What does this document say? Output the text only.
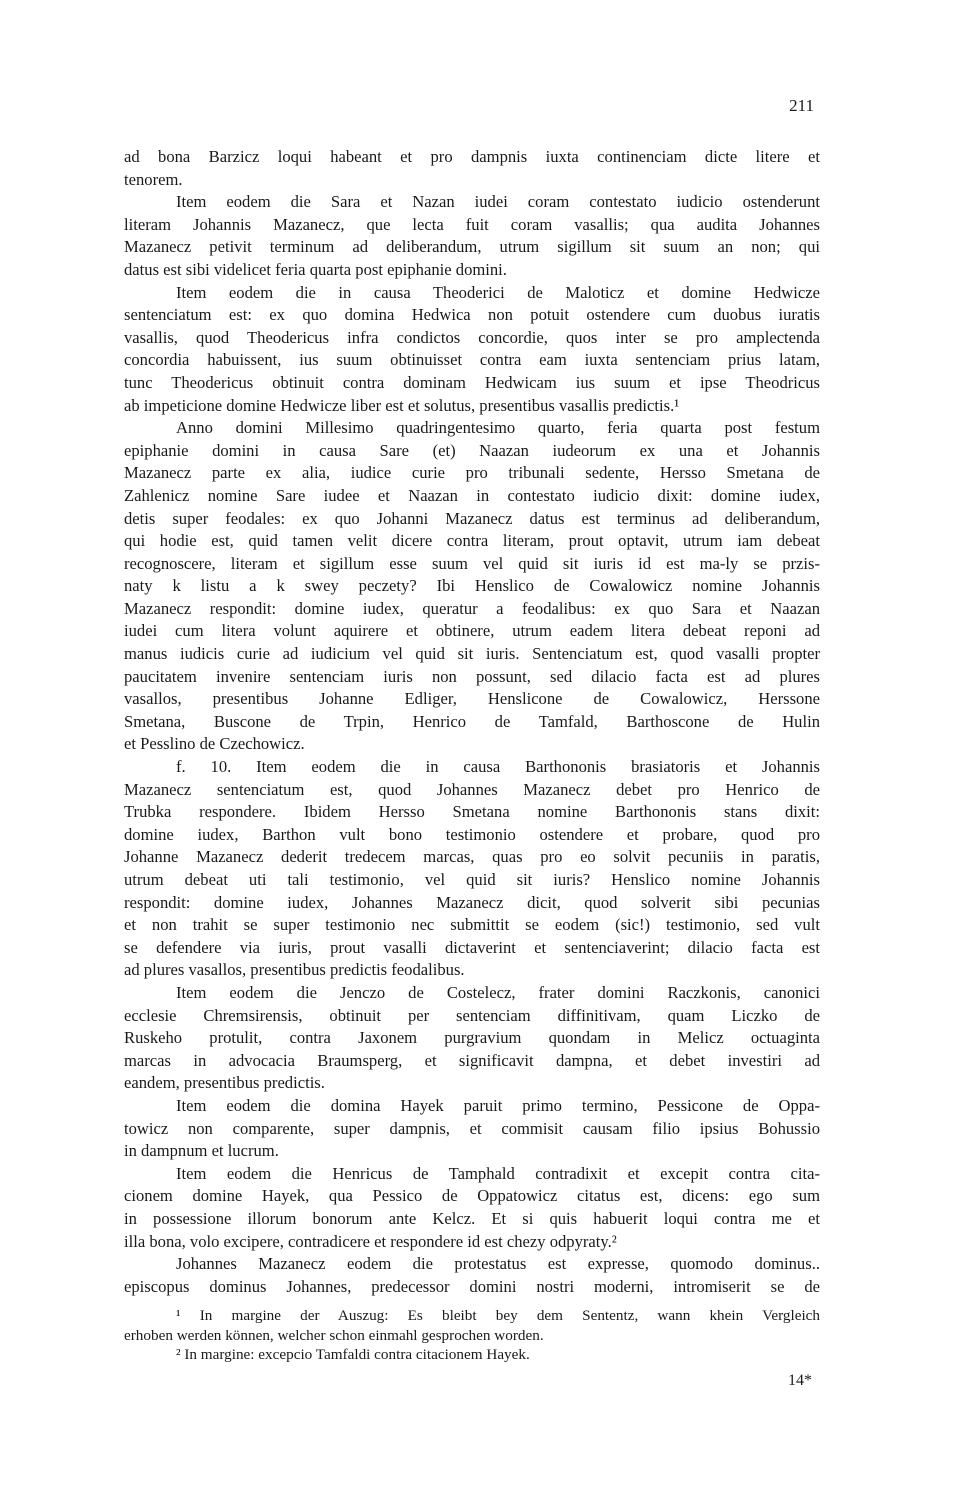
211
ad bona Barzicz loqui habeant et pro dampnis iuxta continenciam dicte litere et
tenorem.
Item eodem die Sara et Nazan iudei coram contestato iudicio ostenderunt
literam Johannis Mazanecz, que lecta fuit coram vasallis; qua audita Johannes
Mazanecz petivit terminum ad deliberandum, utrum sigillum sit suum an non; qui
datus est sibi videlicet feria quarta post epiphanie domini.
Item eodem die in causa Theoderici de Maloticz et domine Hedwicze
sentenciatum est: ex quo domina Hedwica non potuit ostendere cum duobus iuratis
vasallis, quod Theodericus infra condictos concordie, quos inter se pro amplectenda
concordia habuissent, ius suum obtinuisset contra eam iuxta sentenciam prius latam,
tunc Theodericus obtinuit contra dominam Hedwicam ius suum et ipse Theodricus
ab impeticione domine Hedwicze liber est et solutus, presentibus vasallis predictis.¹
Anno domini Millesimo quadringentesimo quarto, feria quarta post festum
epiphanie domini in causa Sare (et) Naazan iudeorum ex una et Johannis
Mazanecz parte ex alia, iudice curie pro tribunali sedente, Hersso Smetana de
Zahlenicz nomine Sare iudee et Naazan in contestato iudicio dixit: domine iudex,
detis super feodales: ex quo Johanni Mazanecz datus est terminus ad deliberandum,
qui hodie est, quid tamen velit dicere contra literam, prout optavit, utrum iam debeat
recognoscere, literam et sigillum esse suum vel quid sit iuris id est ma-ly se przis-
naty k listu a k swey peczety? Ibi Henslico de Cowalowicz nomine Johannis
Mazanecz respondit: domine iudex, queratur a feodalibus: ex quo Sara et Naazan
iudei cum litera volunt aquirere et obtinere, utrum eadem litera debeat reponi ad
manus iudicis curie ad iudicium vel quid sit iuris. Sentenciatum est, quod vasalli propter
paucitatem invenire sentenciam iuris non possunt, sed dilacio facta est ad plures
vasallos, presentibus Johanne Edliger, Henslicone de Cowalowicz, Herssone
Smetana, Buscone de Trpin, Henrico de Tamfald, Barthoscone de Hulin
et Pesslino de Czechowicz.
f. 10. Item eodem die in causa Barthononis brasiatoris et Johannis
Mazanecz sentenciatum est, quod Johannes Mazanecz debet pro Henrico de
Trubka respondere. Ibidem Hersso Smetana nomine Barthononis stans dixit:
domine iudex, Barthon vult bono testimonio ostendere et probare, quod pro
Johanne Mazanecz dederit tredecem marcas, quas pro eo solvit pecuniis in paratis,
utrum debeat uti tali testimonio, vel quid sit iuris? Henslico nomine Johannis
respondit: domine iudex, Johannes Mazanecz dicit, quod solverit sibi pecunias
et non trahit se super testimonio nec submittit se eodem (sic!) testimonio, sed vult
se defendere via iuris, prout vasalli dictaverint et sentenciaverint; dilacio facta est
ad plures vasallos, presentibus predictis feodalibus.
Item eodem die Jenczo de Costelecz, frater domini Raczkonis, canonici
ecclesie Chremsirensis, obtinuit per sentenciam diffinitivam, quam Liczko de
Ruskeho protulit, contra Jaxonem purgravium quondam in Melicz octuaginta
marcas in advocacia Braumsperg, et significavit dampna, et debet investiri ad
eandem, presentibus predictis.
Item eodem die domina Hayek paruit primo termino, Pessicone de Oppa-
towicz non comparente, super dampnis, et commisit causam filio ipsius Bohussio
in dampnum et lucrum.
Item eodem die Henricus de Tamphald contradixit et excepit contra cita-
cionem domine Hayek, qua Pessico de Oppatowicz citatus est, dicens: ego sum
in possessione illorum bonorum ante Kelcz. Et si quis habuerit loqui contra me et
illa bona, volo excipere, contradicere et respondere id est chezy odpyraty.²
Johannes Mazanecz eodem die protestatus est expresse, quomodo dominus..
episcopus dominus Johannes, predecessor domini nostri moderni, intromiserit se de
¹ In margine der Auszug: Es bleibt bey dem Sententz, wann khein Vergleich
erhoben werden können, welcher schon einmahl gesprochen worden.
² In margine: excepcio Tamfaldi contra citacionem Hayek.
14*
